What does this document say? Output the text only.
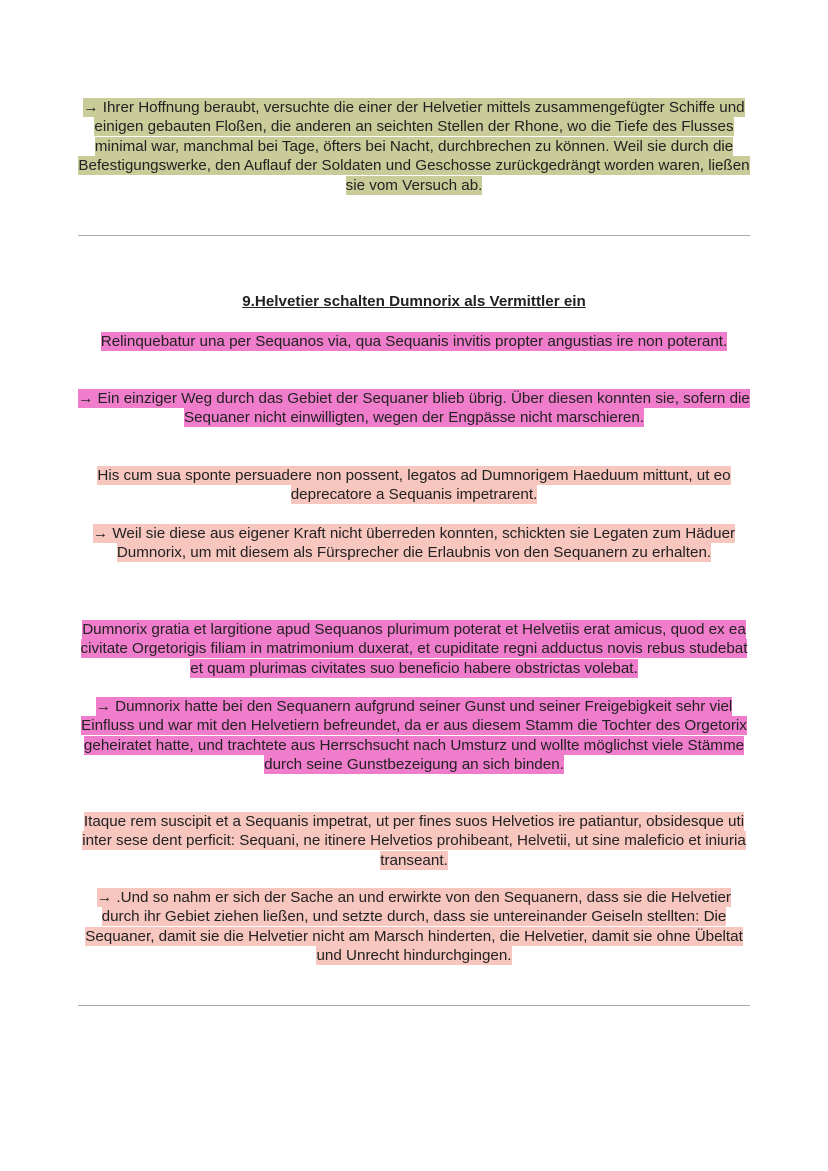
→ Ihrer Hoffnung beraubt, versuchte die einer der Helvetier mittels zusammengefügter Schiffe und einigen gebauten Floßen, die anderen an seichten Stellen der Rhone, wo die Tiefe des Flusses minimal war, manchmal bei Tage, öfters bei Nacht, durchbrechen zu können. Weil sie durch die Befestigungswerke, den Auflauf der Soldaten und Geschosse zurückgedrängt worden waren, ließen sie vom Versuch ab.

9.Helvetier schalten Dumnorix als Vermittler ein

Relinquebatur una per Sequanos via, qua Sequanis invitis propter angustias ire non poterant.

→ Ein einziger Weg durch das Gebiet der Sequaner blieb übrig. Über diesen konnten sie, sofern die Sequaner nicht einwilligten, wegen der Engpässe nicht marschieren.

His cum sua sponte persuadere non possent, legatos ad Dumnorigem Haeduum mittunt, ut eo deprecatore a Sequanis impetrarent.

→ Weil sie diese aus eigener Kraft nicht überreden konnten, schickten sie Legaten zum Häduer Dumnorix, um mit diesem als Fürsprecher die Erlaubnis von den Sequanern zu erhalten.

Dumnorix gratia et largitione apud Sequanos plurimum poterat et Helvetiis erat amicus, quod ex ea civitate Orgetorigis filiam in matrimonium duxerat, et cupiditate regni adductus novis rebus studebat et quam plurimas civitates suo beneficio habere obstrictas volebat.

→ Dumnorix hatte bei den Sequanern aufgrund seiner Gunst und seiner Freigebigkeit sehr viel Einfluss und war mit den Helvetiern befreundet, da er aus diesem Stamm die Tochter des Orgetorix geheiratet hatte, und trachtete aus Herrschsucht nach Umsturz und wollte möglichst viele Stämme durch seine Gunstbezeigung an sich binden.

Itaque rem suscipit et a Sequanis impetrat, ut per fines suos Helvetios ire patiantur, obsidesque uti inter sese dent perficit: Sequani, ne itinere Helvetios prohibeant, Helvetii, ut sine maleficio et iniuria transeant.

→ .Und so nahm er sich der Sache an und erwirkte von den Sequanern, dass sie die Helvetier durch ihr Gebiet ziehen ließen, und setzte durch, dass sie untereinander Geiseln stellten: Die Sequaner, damit sie die Helvetier nicht am Marsch hinderten, die Helvetier, damit sie ohne Übeltat und Unrecht hindurchgingen.
